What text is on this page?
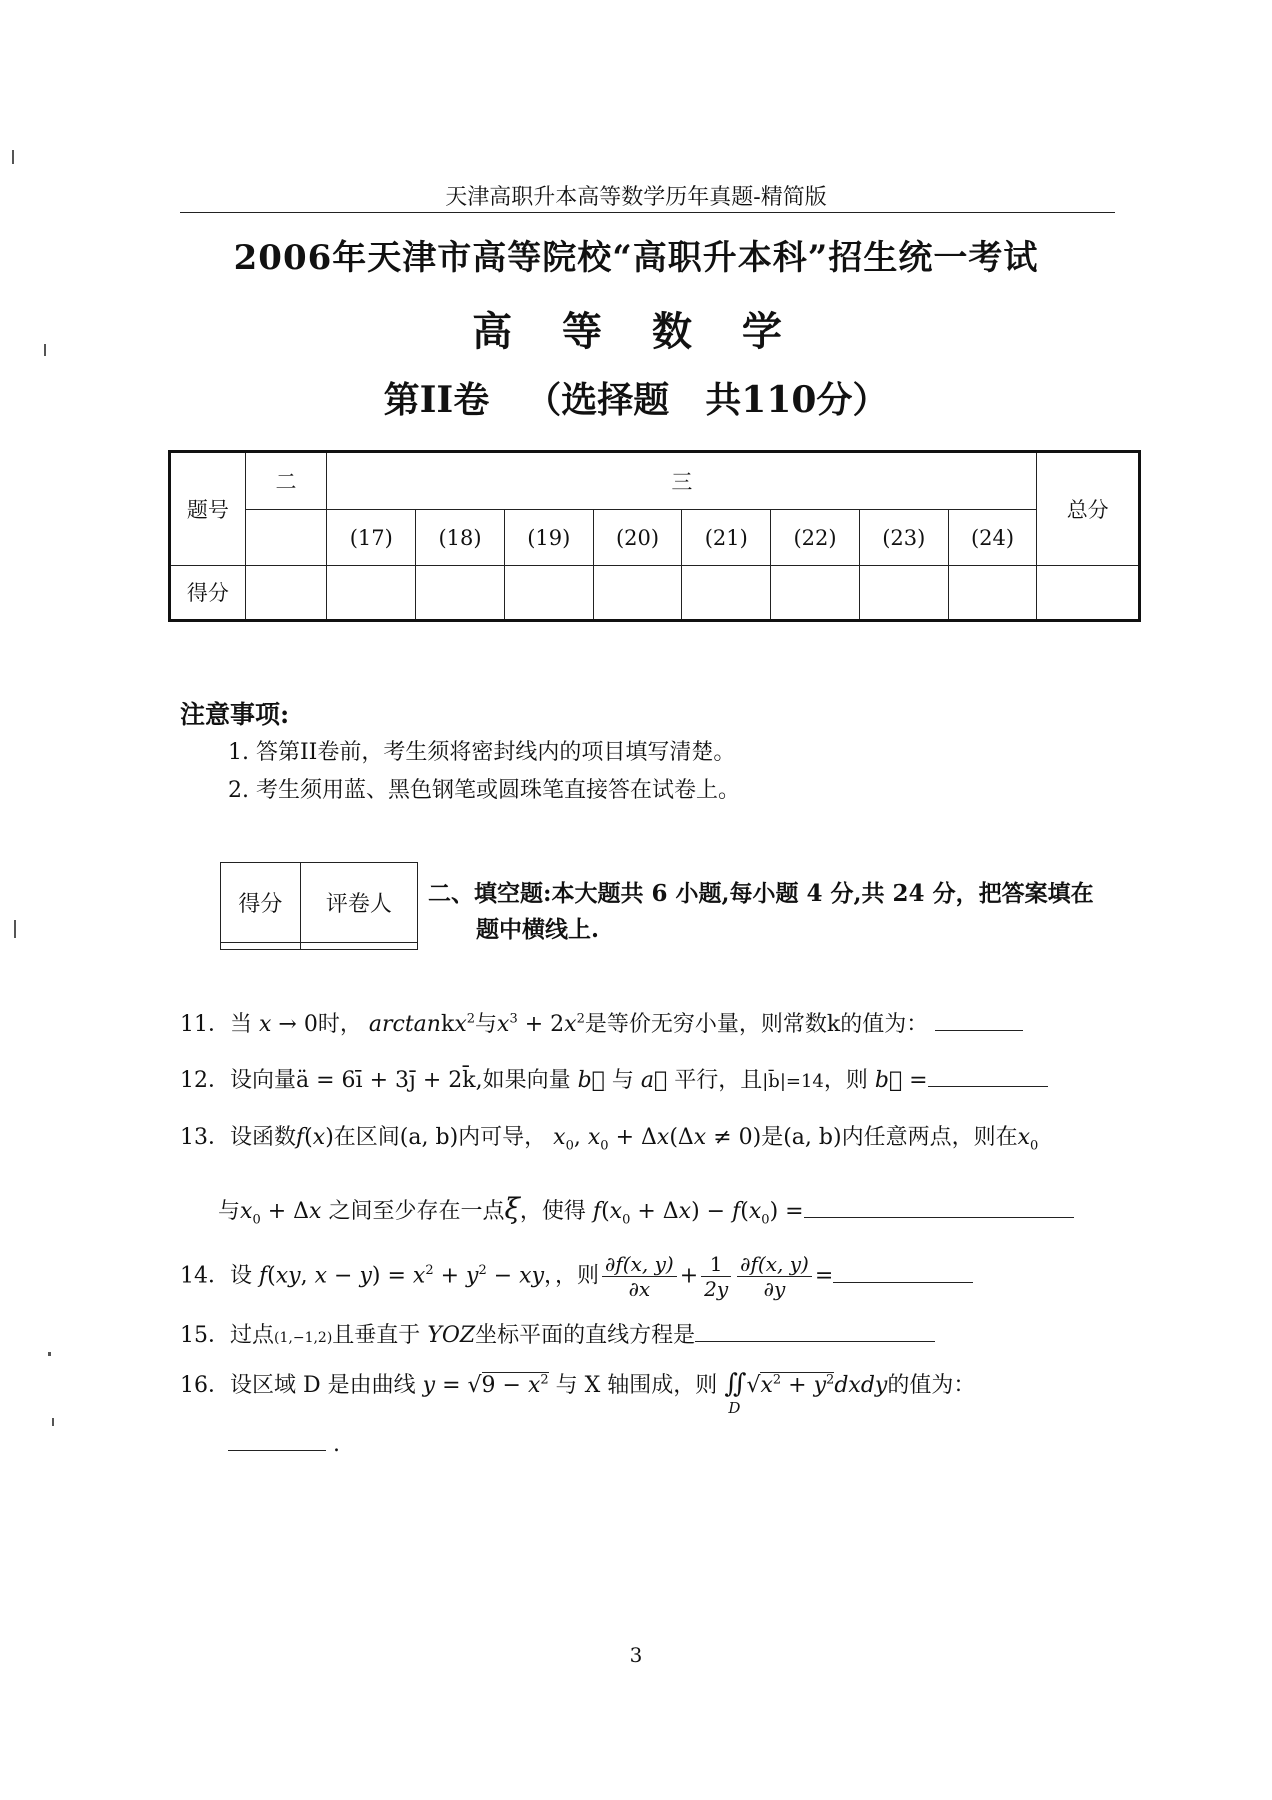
天津高职升本高等数学历年真题-精简版
2006年天津市高等院校“高职升本科”招生统一考试
高 等 数 学
第II卷 （选择题　共110分）
题号	二	三								总分
		(17)	(18)	(19)	(20)	(21)	(22)	(23)	(24)	
得分										
注意事项:
1. 答第II卷前，考生须将密封线内的项目填写清楚。
2. 考生须用蓝、黑色钢笔或圆珠笔直接答在试卷上。
得分	评卷人
	二、填空题:本大题共 6 小题,每小题 4 分,共 24 分，把答案填在
题中横线上.
11．当 x → 0时， arctankx$^2$与$x^3 + 2x^2$是等价无穷小量，则常数k的值为：
12．设向量ä = 6ī + 3j̄ + 2k̄,如果向量 b⃗ 与 a⃗ 平行，且|b̄|=14，则 b⃗ =
13．设函数f(x)在区间(a, b)内可导， $x_0$, $x_0 + \Delta x(\Delta x \ne 0)$是(a, b)内任意两点，则在$x_0$
与$x_0 + \Delta x$ 之间至少存在一点ξ，使得 $f(x_0 + \Delta x) - f(x_0)$ =
14．设 f(xy, $x - y) = x^2 + y^2$ − xy，，则 $\frac{\partial f(x, y)}{\partial x} + \frac{1}{2y} \frac{\partial f(x, y)}{\partial y}$ =
15．过点(1,−1,2)且垂直于 YOZ坐标平面的直线方程是
16．设区域 D 是由曲线 $y = √9 - x^2$ 与 X 轴围成，则 ∬
D
$√x^2$ + $y^2dxdy$的值为：
.
3
